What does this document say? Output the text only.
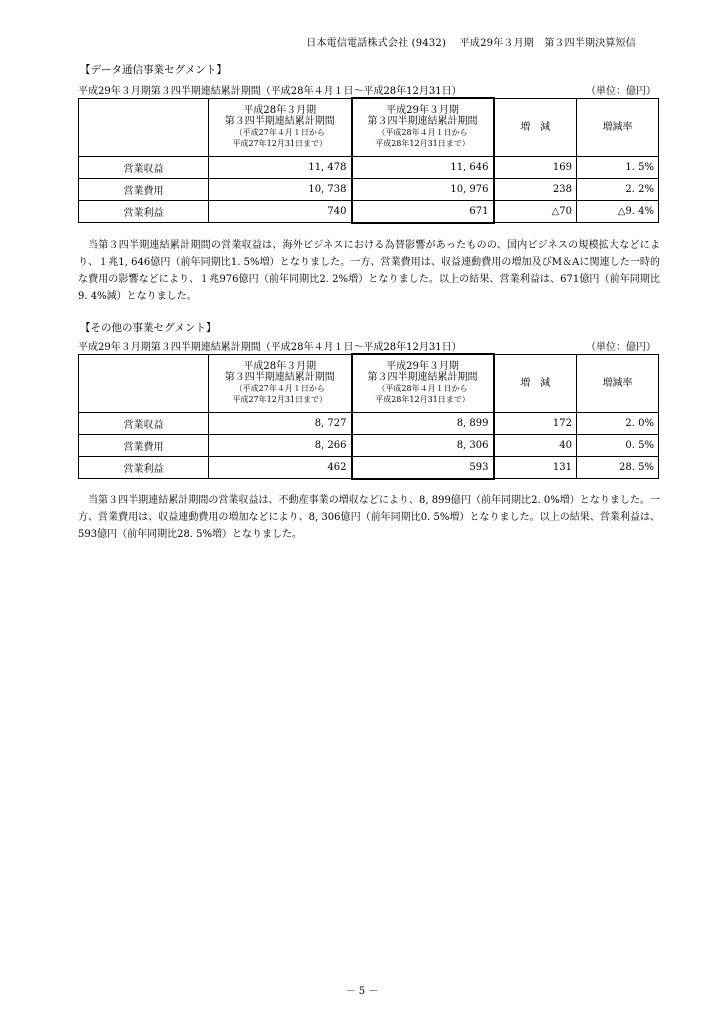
日本電信電話株式会社 (9432)　 平成29年３月期　第３四半期決算短信
【データ通信事業セグメント】
平成29年３月期第３四半期連結累計期間（平成28年４月１日～平成28年12月31日）	（単位：億円）

	平成28年３月期
第３四半期連結累計期間
（平成27年４月１日から
平成27年12月31日まで）	平成29年３月期
第３四半期連結累計期間
（平成28年４月１日から
平成28年12月31日まで）	増　減	増減率
営業収益	11, 478	11, 646	169	1. 5%
営業費用	10, 738	10, 976	238	2. 2%
営業利益	740	671	△70	△9. 4%

当第３四半期連結累計期間の営業収益は、海外ビジネスにおける為替影響があったものの、国内ビジネスの規模拡大などにより、１兆1, 646億円（前年同期比1. 5%増）となりました。一方、営業費用は、収益連動費用の増加及びM＆Aに関連した一時的な費用の影響などにより、１兆976億円（前年同期比2. 2%増）となりました。以上の結果、営業利益は、671億円（前年同期比9. 4%減）となりました。

【その他の事業セグメント】
平成29年３月期第３四半期連結累計期間（平成28年４月１日～平成28年12月31日）	（単位：億円）

	平成28年３月期
第３四半期連結累計期間
（平成27年４月１日から
平成27年12月31日まで）	平成29年３月期
第３四半期連結累計期間
（平成28年４月１日から
平成28年12月31日まで）	増　減	増減率
営業収益	8, 727	8, 899	172	2. 0%
営業費用	8, 266	8, 306	40	0. 5%
営業利益	462	593	131	28. 5%

当第３四半期連結累計期間の営業収益は、不動産事業の増収などにより、8, 899億円（前年同期比2. 0%増）となりました。一方、営業費用は、収益連動費用の増加などにより、8, 306億円（前年同期比0. 5%増）となりました。以上の結果、営業利益は、593億円（前年同期比28. 5%増）となりました。

－ 5 －
